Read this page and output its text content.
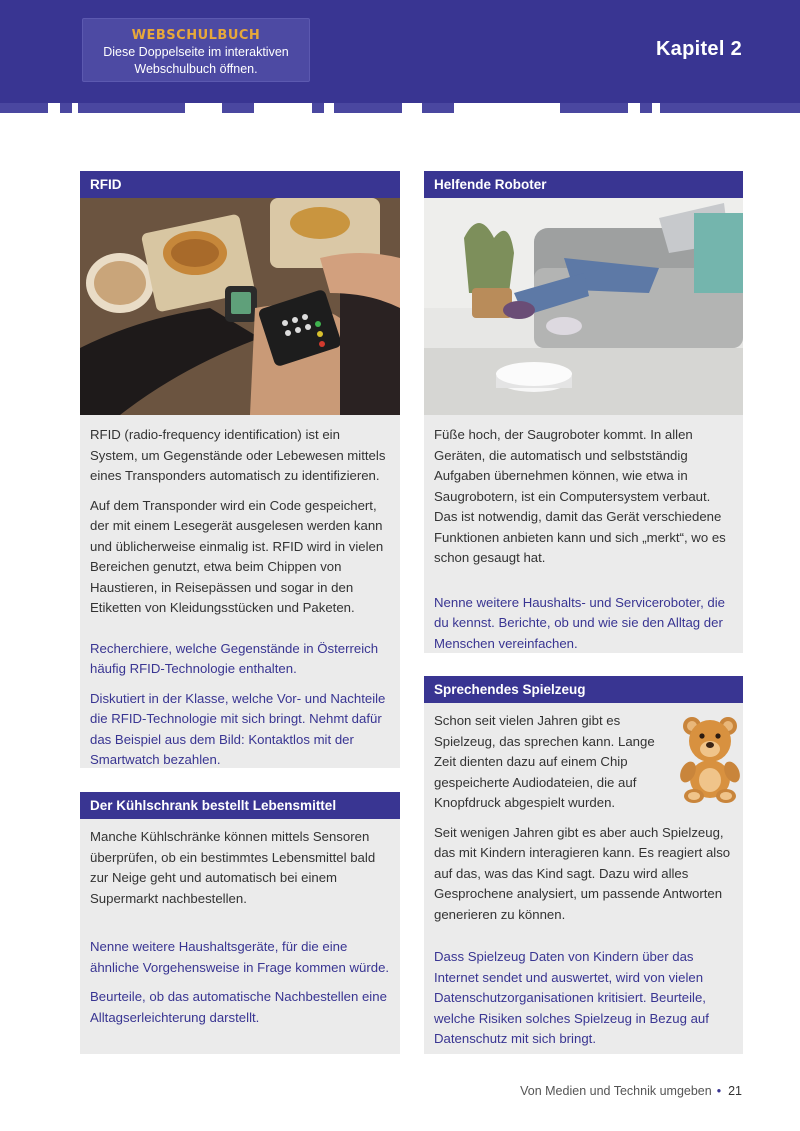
WEBSCHULBUCH
Diese Doppelseite im interaktiven
Webschulbuch öffnen.
Kapitel 2
RFID

RFID (radio-frequency identification) ist ein System, um Gegenstände oder Lebewesen mittels eines Transponders automatisch zu identifizieren.

Auf dem Transponder wird ein Code gespeichert, der mit einem Lesegerät ausgelesen werden kann und üblicherweise einmalig ist. RFID wird in vielen Bereichen genutzt, etwa beim Chippen von Haustieren, in Reisepässen und sogar in den Etiketten von Kleidungsstücken und Paketen.

Recherchiere, welche Gegenstände in Österreich häufig RFID-Technologie enthalten.

Diskutiert in der Klasse, welche Vor- und Nachteile die RFID-Technologie mit sich bringt. Nehmt dafür das Beispiel aus dem Bild: Kontaktlos mit der Smartwatch bezahlen.

Der Kühlschrank bestellt Lebensmittel

Manche Kühlschränke können mittels Sensoren überprüfen, ob ein bestimmtes Lebensmittel bald zur Neige geht und automatisch bei einem Supermarkt nachbestellen.

Nenne weitere Haushaltsgeräte, für die eine ähnliche Vorgehensweise in Frage kommen würde.

Beurteile, ob das automatische Nachbestellen eine Alltagserleichterung darstellt.

Helfende Roboter

Füße hoch, der Saugroboter kommt. In allen Geräten, die automatisch und selbstständig Aufgaben übernehmen können, wie etwa in Saugrobotern, ist ein Computersystem verbaut. Das ist notwendig, damit das Gerät verschiedene Funktionen anbieten kann und sich „merkt“, wo es schon gesaugt hat.

Nenne weitere Haushalts- und Serviceroboter, die du kennst. Berichte, ob und wie sie den Alltag der Menschen vereinfachen.

Sprechendes Spielzeug

Schon seit vielen Jahren gibt es Spielzeug, das sprechen kann. Lange Zeit dienten dazu auf einem Chip gespeicherte Audiodateien, die auf Knopfdruck abgespielt wurden.

Seit wenigen Jahren gibt es aber auch Spielzeug, das mit Kindern interagieren kann. Es reagiert also auf das, was das Kind sagt. Dazu wird alles Gesprochene analysiert, um passende Antworten generieren zu können.

Dass Spielzeug Daten von Kindern über das Internet sendet und auswertet, wird von vielen Datenschutzorganisationen kritisiert. Beurteile, welche Risiken solches Spielzeug in Bezug auf Datenschutz mit sich bringt.

Von Medien und Technik umgeben • 21
